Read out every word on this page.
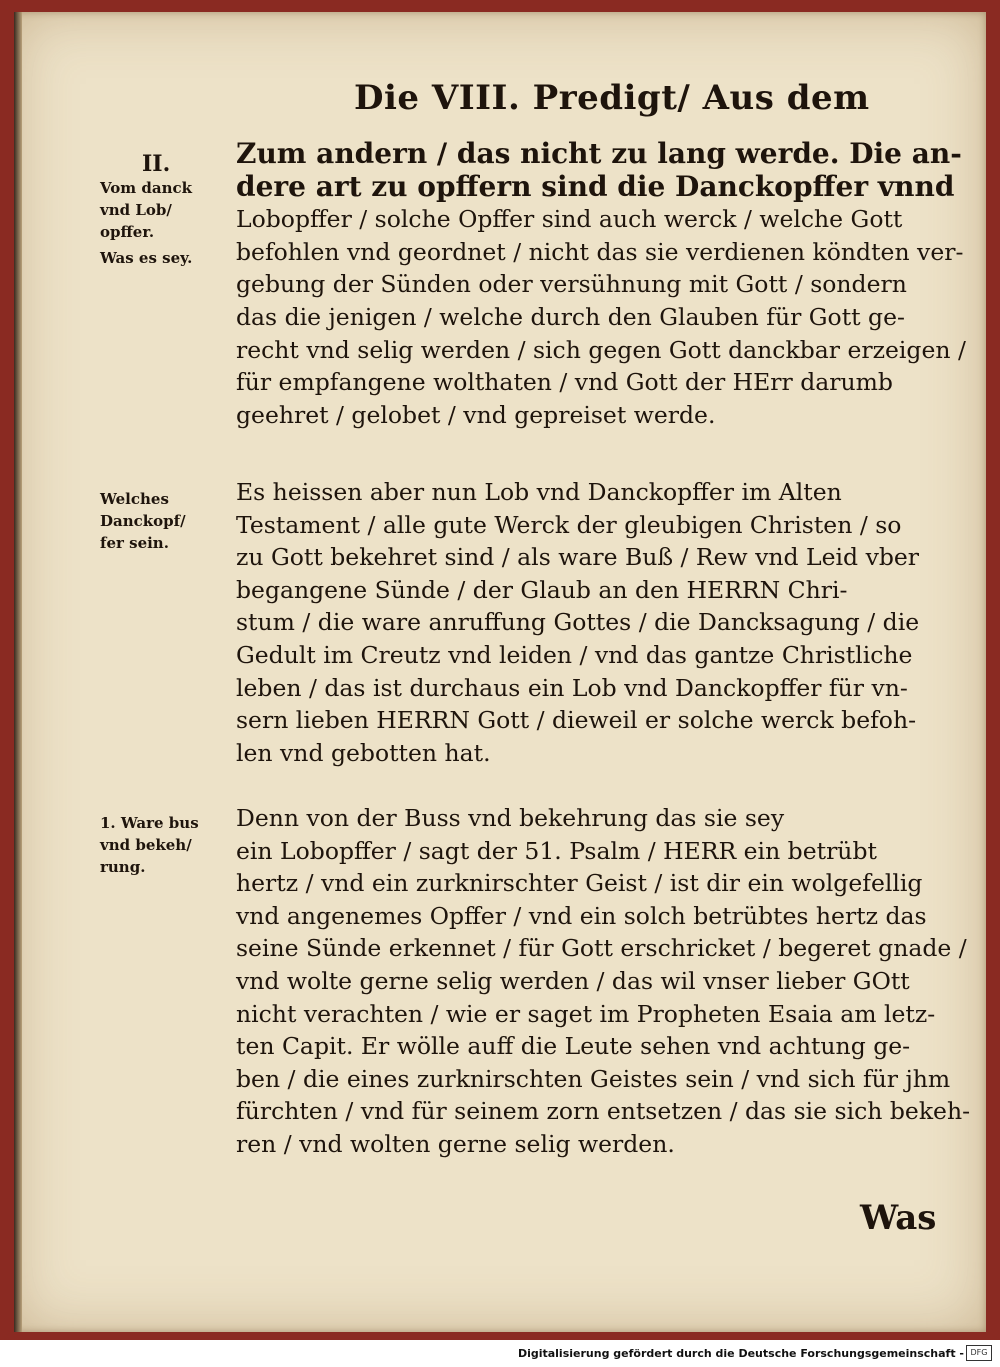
Die VIII. Predigt/ Aus dem
II.
Vom danck
vnd Lob/
opffer.
Was es sey.
Welches
Danckopf/
fer sein.
1. Ware bus
vnd bekeh/
rung.
Zum andern / das nicht zu lang werde. Die an-
dere art zu opffern sind die Danckopffer vnnd
Lobopffer / solche Opffer sind auch werck / welche Gott
befohlen vnd geordnet / nicht das sie verdienen köndten ver-
gebung der Sünden oder versühnung mit Gott / sondern
das die jenigen / welche durch den Glauben für Gott ge-
recht vnd selig werden / sich gegen Gott danckbar erzeigen /
für empfangene wolthaten / vnd Gott der HErr darumb
geehret / gelobet / vnd gepreiset werde.
Es heissen aber nun Lob vnd Danckopffer im Alten
Testament / alle gute Werck der gleubigen Christen / so
zu Gott bekehret sind / als ware Buß / Rew vnd Leid vber
begangene Sünde / der Glaub an den HERRN Chri-
stum / die ware anruffung Gottes / die Dancksagung / die
Gedult im Creutz vnd leiden / vnd das gantze Christliche
leben / das ist durchaus ein Lob vnd Danckopffer für vn-
sern lieben HERRN Gott / dieweil er solche werck befoh-
len vnd gebotten hat.
Denn von der Buss vnd bekehrung das sie sey
ein Lobopffer / sagt der 51. Psalm / HERR ein betrübt
hertz / vnd ein zurknirschter Geist / ist dir ein wolgefellig
vnd angenemes Opffer / vnd ein solch betrübtes hertz das
seine Sünde erkennet / für Gott erschricket / begeret gnade /
vnd wolte gerne selig werden / das wil vnser lieber GOtt
nicht verachten / wie er saget im Propheten Esaia am letz-
ten Capit. Er wölle auff die Leute sehen vnd achtung ge-
ben / die eines zurknirschten Geistes sein / vnd sich für jhm
fürchten / vnd für seinem zorn entsetzen / das sie sich bekeh-
ren / vnd wolten gerne selig werden.
Was
Digitalisierung gefördert durch die Deutsche Forschungsgemeinschaft - DFG
